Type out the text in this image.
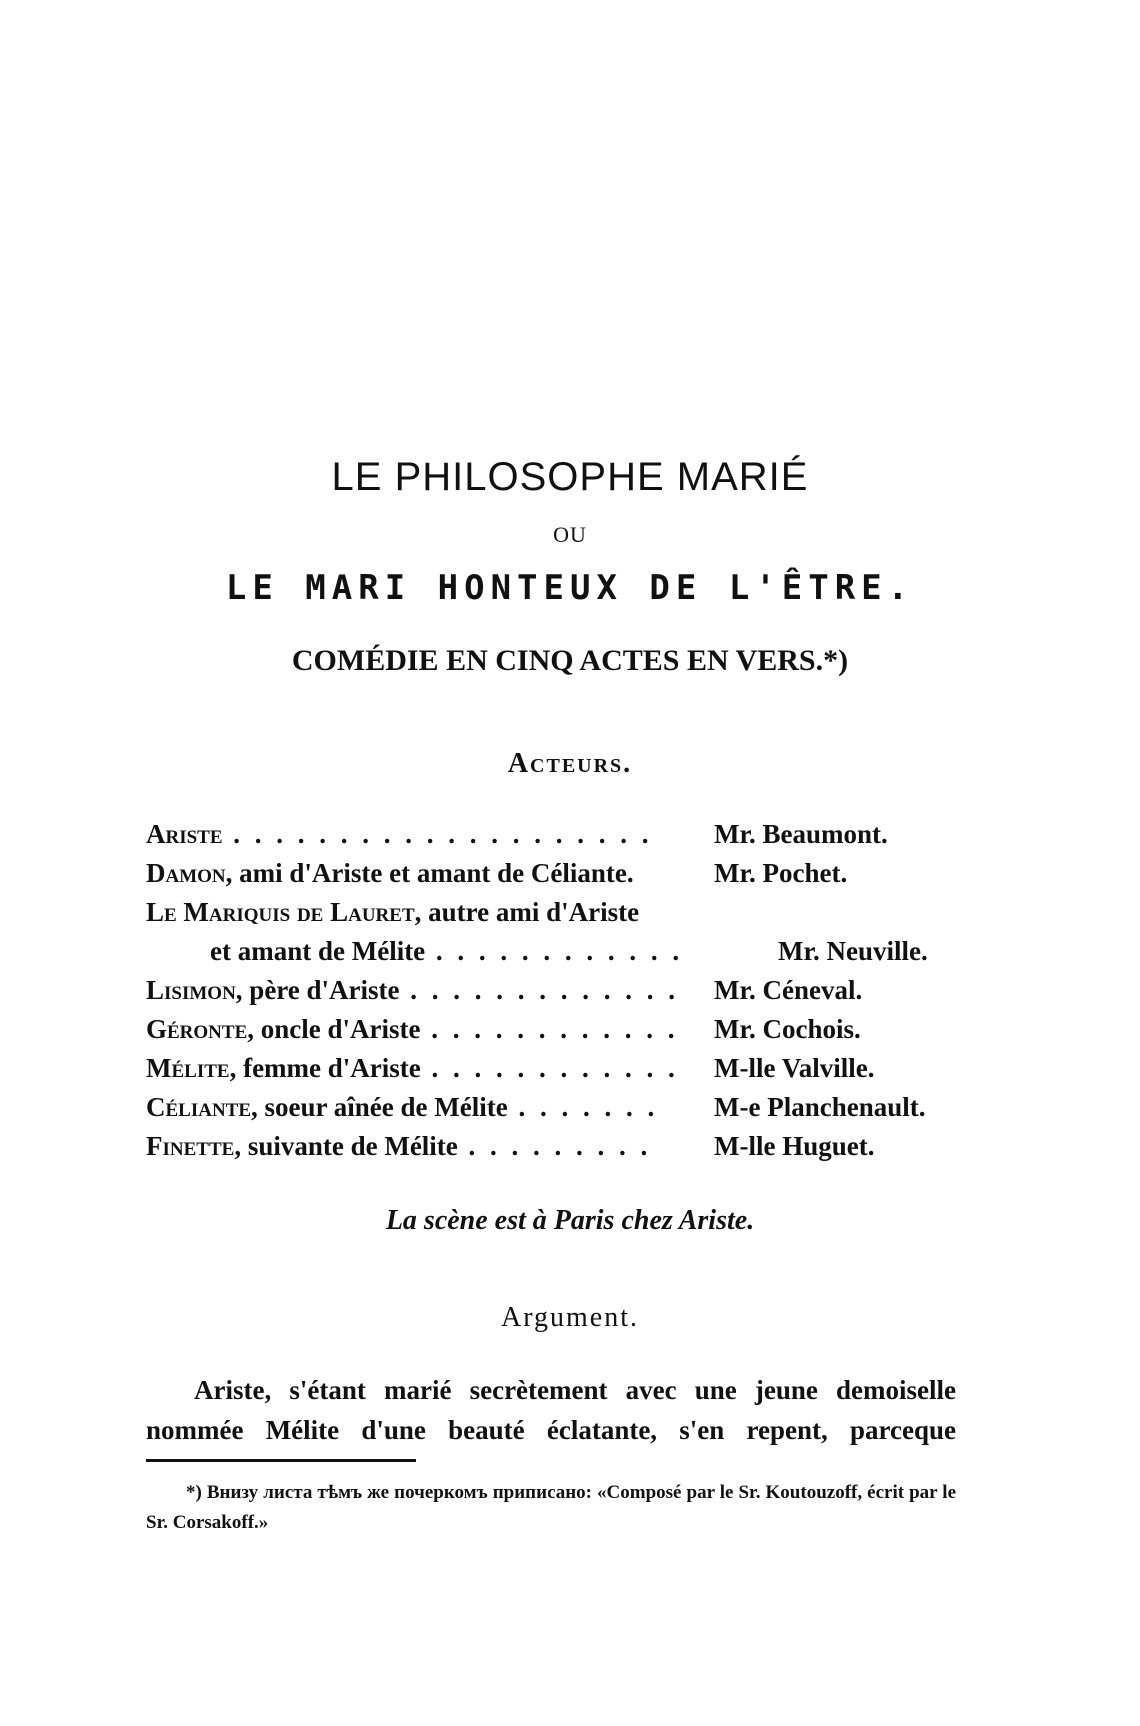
LE PHILOSOPHE MARIÉ
OU
LE MARI HONTEUX DE L'ÊTRE.
COMÉDIE EN CINQ ACTES EN VERS.*)
Acteurs.
Ariste . . . . . . . . . . . . . . . . . . . .	Mr. Beaumont.
Damon, ami d'Ariste et amant de Céliante.	Mr. Pochet.
Le Mariquis de Lauret, autre ami d'Ariste
et amant de Mélite . . . . . . . . . . . .	Mr. Neuville.
Lisimon, père d'Ariste . . . . . . . . . . . . . Mr. Céneval.
Géronte, oncle d'Ariste . . . . . . . . . . . . Mr. Cochois.
Mélite, femme d'Ariste . . . . . . . . . . . . M-lle Valville.
Céliante, soeur aînée de Mélite . . . . . . .	M-e Planchenault.
Finette, suivante de Mélite . . . . . . . . .	M-lle Huguet.
La scène est à Paris chez Ariste.
Argument.

Ariste, s'étant marié secrètement avec une jeune demoiselle
nommée Mélite d'une beauté éclatante, s'en repent, parceque

*) Внизу листа тѣмъ же почеркомъ приписано: «Composé par le Sr. Koutouzoff, écrit par le Sr. Corsakoff.»
